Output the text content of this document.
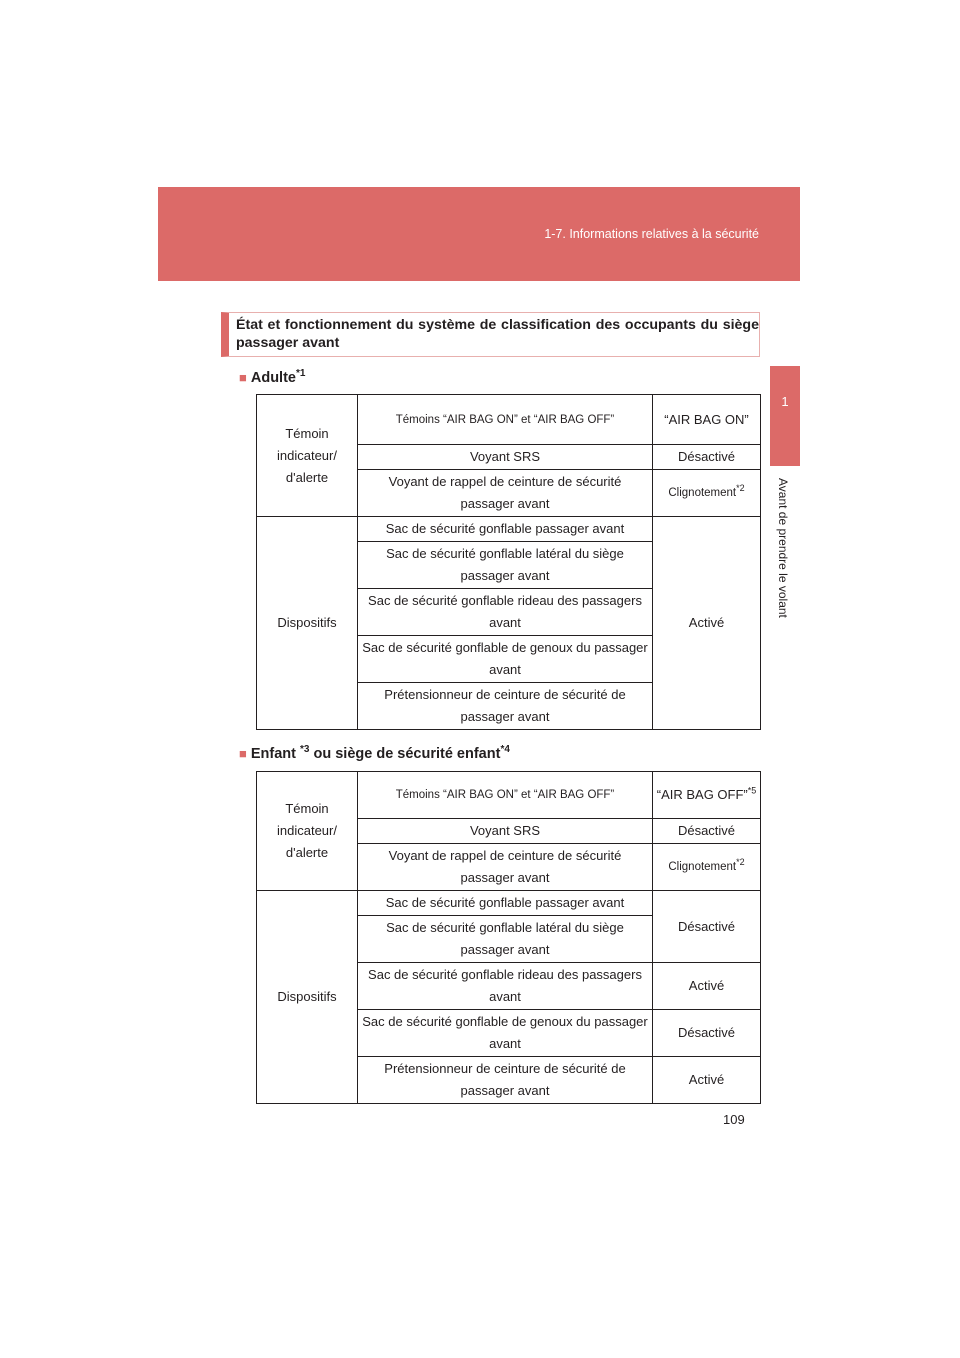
1-7. Informations relatives à la sécurité
1
Avant de prendre le volant
État et fonctionnement du système de classification des occupants du siège passager avant
■ Adulte$^{*1}$
Témoin indicateur/ d'alerte	Témoins “AIR BAG ON” et “AIR BAG OFF”	“AIR BAG ON”
	Voyant SRS	Désactivé
	Voyant de rappel de ceinture de sécurité passager avant	Clignotement$^{*2}$
Dispositifs	Sac de sécurité gonflable passager avant	Activé
	Sac de sécurité gonflable latéral du siège passager avant	
	Sac de sécurité gonflable rideau des passagers avant	
	Sac de sécurité gonflable de genoux du passager avant	
	Prétensionneur de ceinture de sécurité de passager avant	
■ Enfant $^{*3}$ ou siège de sécurité enfant$^{*4}$
Témoin indicateur/ d'alerte	Témoins “AIR BAG ON” et “AIR BAG OFF”	“AIR BAG OFF”$^{*5}$
	Voyant SRS	Désactivé
	Voyant de rappel de ceinture de sécurité passager avant	Clignotement$^{*2}$
Dispositifs	Sac de sécurité gonflable passager avant	Désactivé
	Sac de sécurité gonflable latéral du siège passager avant	
	Sac de sécurité gonflable rideau des passagers avant	Activé
	Sac de sécurité gonflable de genoux du passager avant	Désactivé
	Prétensionneur de ceinture de sécurité de passager avant	Activé
109
